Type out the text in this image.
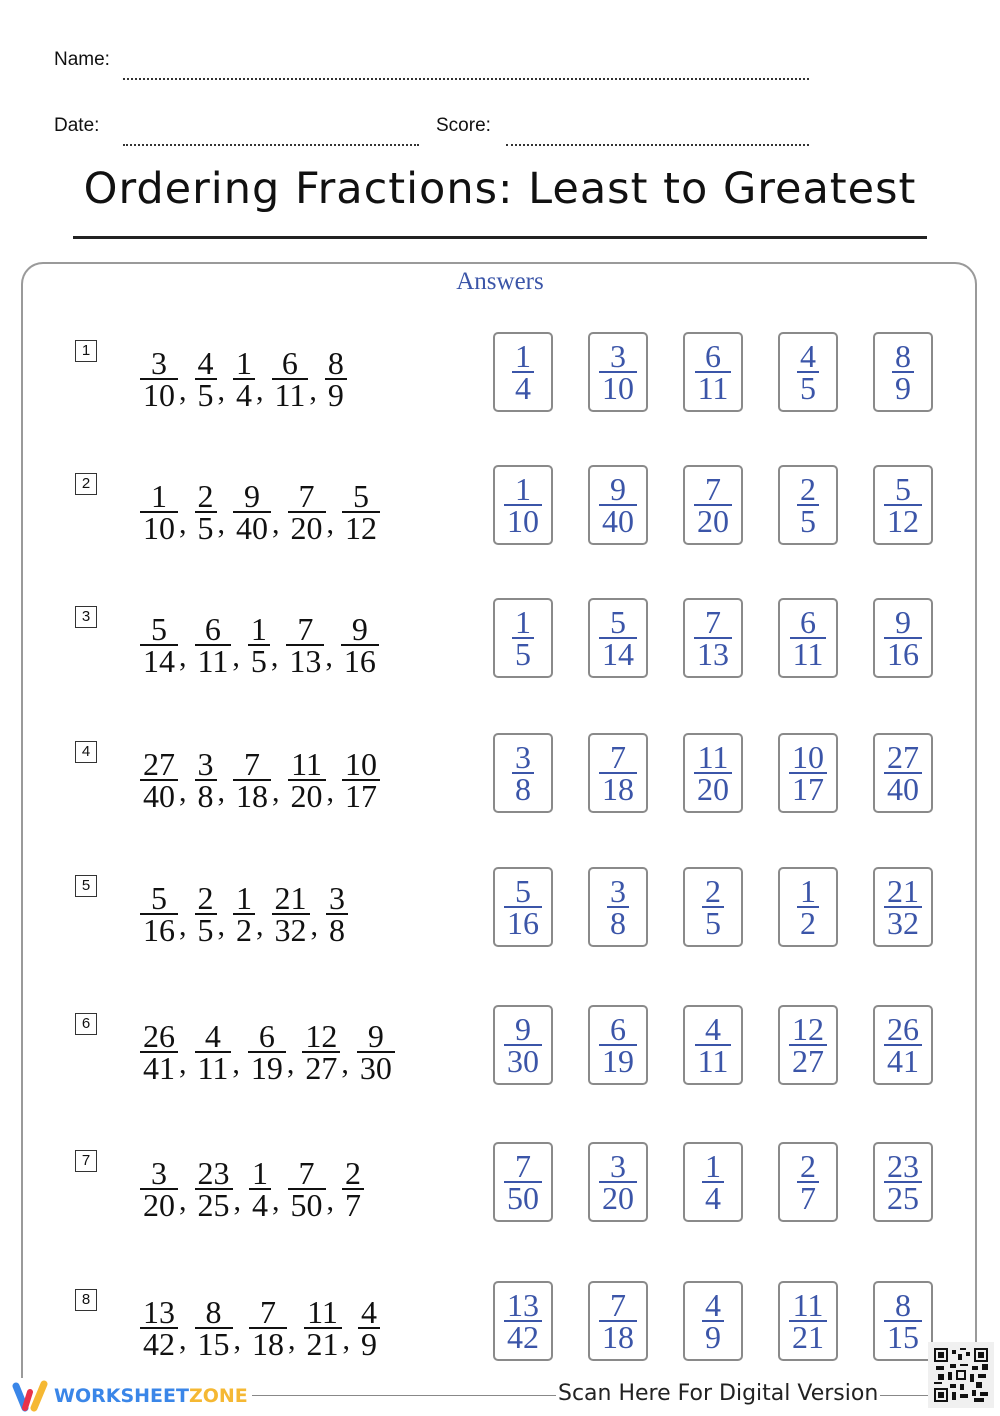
Name:
Date:	Score:
Ordering Fractions: Least to Greatest
Answers
$1 \frac{3}{10}$ , $\frac{4}{5}$ , $\frac{1}{4}$ , $\frac{6}{11}$ , $\frac{8}{9}$	$\frac{1}{4} \frac{3}{10} \frac{6}{11} \frac{4}{5} \frac{8}{9}$
$2 \frac{1}{10}$ , $\frac{2}{5}$ , $\frac{9}{40}$ , $\frac{7}{20}$ , $\frac{5}{12}$	$\frac{1}{10} \frac{9}{40} \frac{7}{20} \frac{2}{5} \frac{5}{12}$
$3 \frac{5}{14}$ , $\frac{6}{11}$ , $\frac{1}{5}$ , $\frac{7}{13}$ , $\frac{9}{16}$	$\frac{1}{5} \frac{5}{14} \frac{7}{13} \frac{6}{11} \frac{9}{16}$
$4 \frac{27}{40}$ , $\frac{3}{8}$ , $\frac{7}{18}$ , $\frac{11}{20}$ , $\frac{10}{17}$	$\frac{3}{8} \frac{7}{18} \frac{11}{20} \frac{10}{17} \frac{27}{40}$
$5 \frac{5}{16}$ , $\frac{2}{5}$ , $\frac{1}{2}$ , $\frac{21}{32}$ , $\frac{3}{8}$	$\frac{5}{16} \frac{3}{8} \frac{2}{5} \frac{1}{2} \frac{21}{32}$
$6 \frac{26}{41}$ , $\frac{4}{11}$ , $\frac{6}{19}$ , $\frac{12}{27}$ , $\frac{9}{30}$	$\frac{9}{30} \frac{6}{19} \frac{4}{11} \frac{12}{27} \frac{26}{41}$
$7 \frac{3}{20}$ , $\frac{23}{25}$ , $\frac{1}{4}$ , $\frac{7}{50}$ , $\frac{2}{7}$	$\frac{7}{50} \frac{3}{20} \frac{1}{4} \frac{2}{7} \frac{23}{25}$
$8 \frac{13}{42}$ , $\frac{8}{15}$ , $\frac{7}{18}$ , $\frac{11}{21}$ , $\frac{4}{9}$	$\frac{13}{42} \frac{7}{18} \frac{4}{9} \frac{11}{21} \frac{8}{15}$
WORKSHEETZONE	Scan Here For Digital Version
